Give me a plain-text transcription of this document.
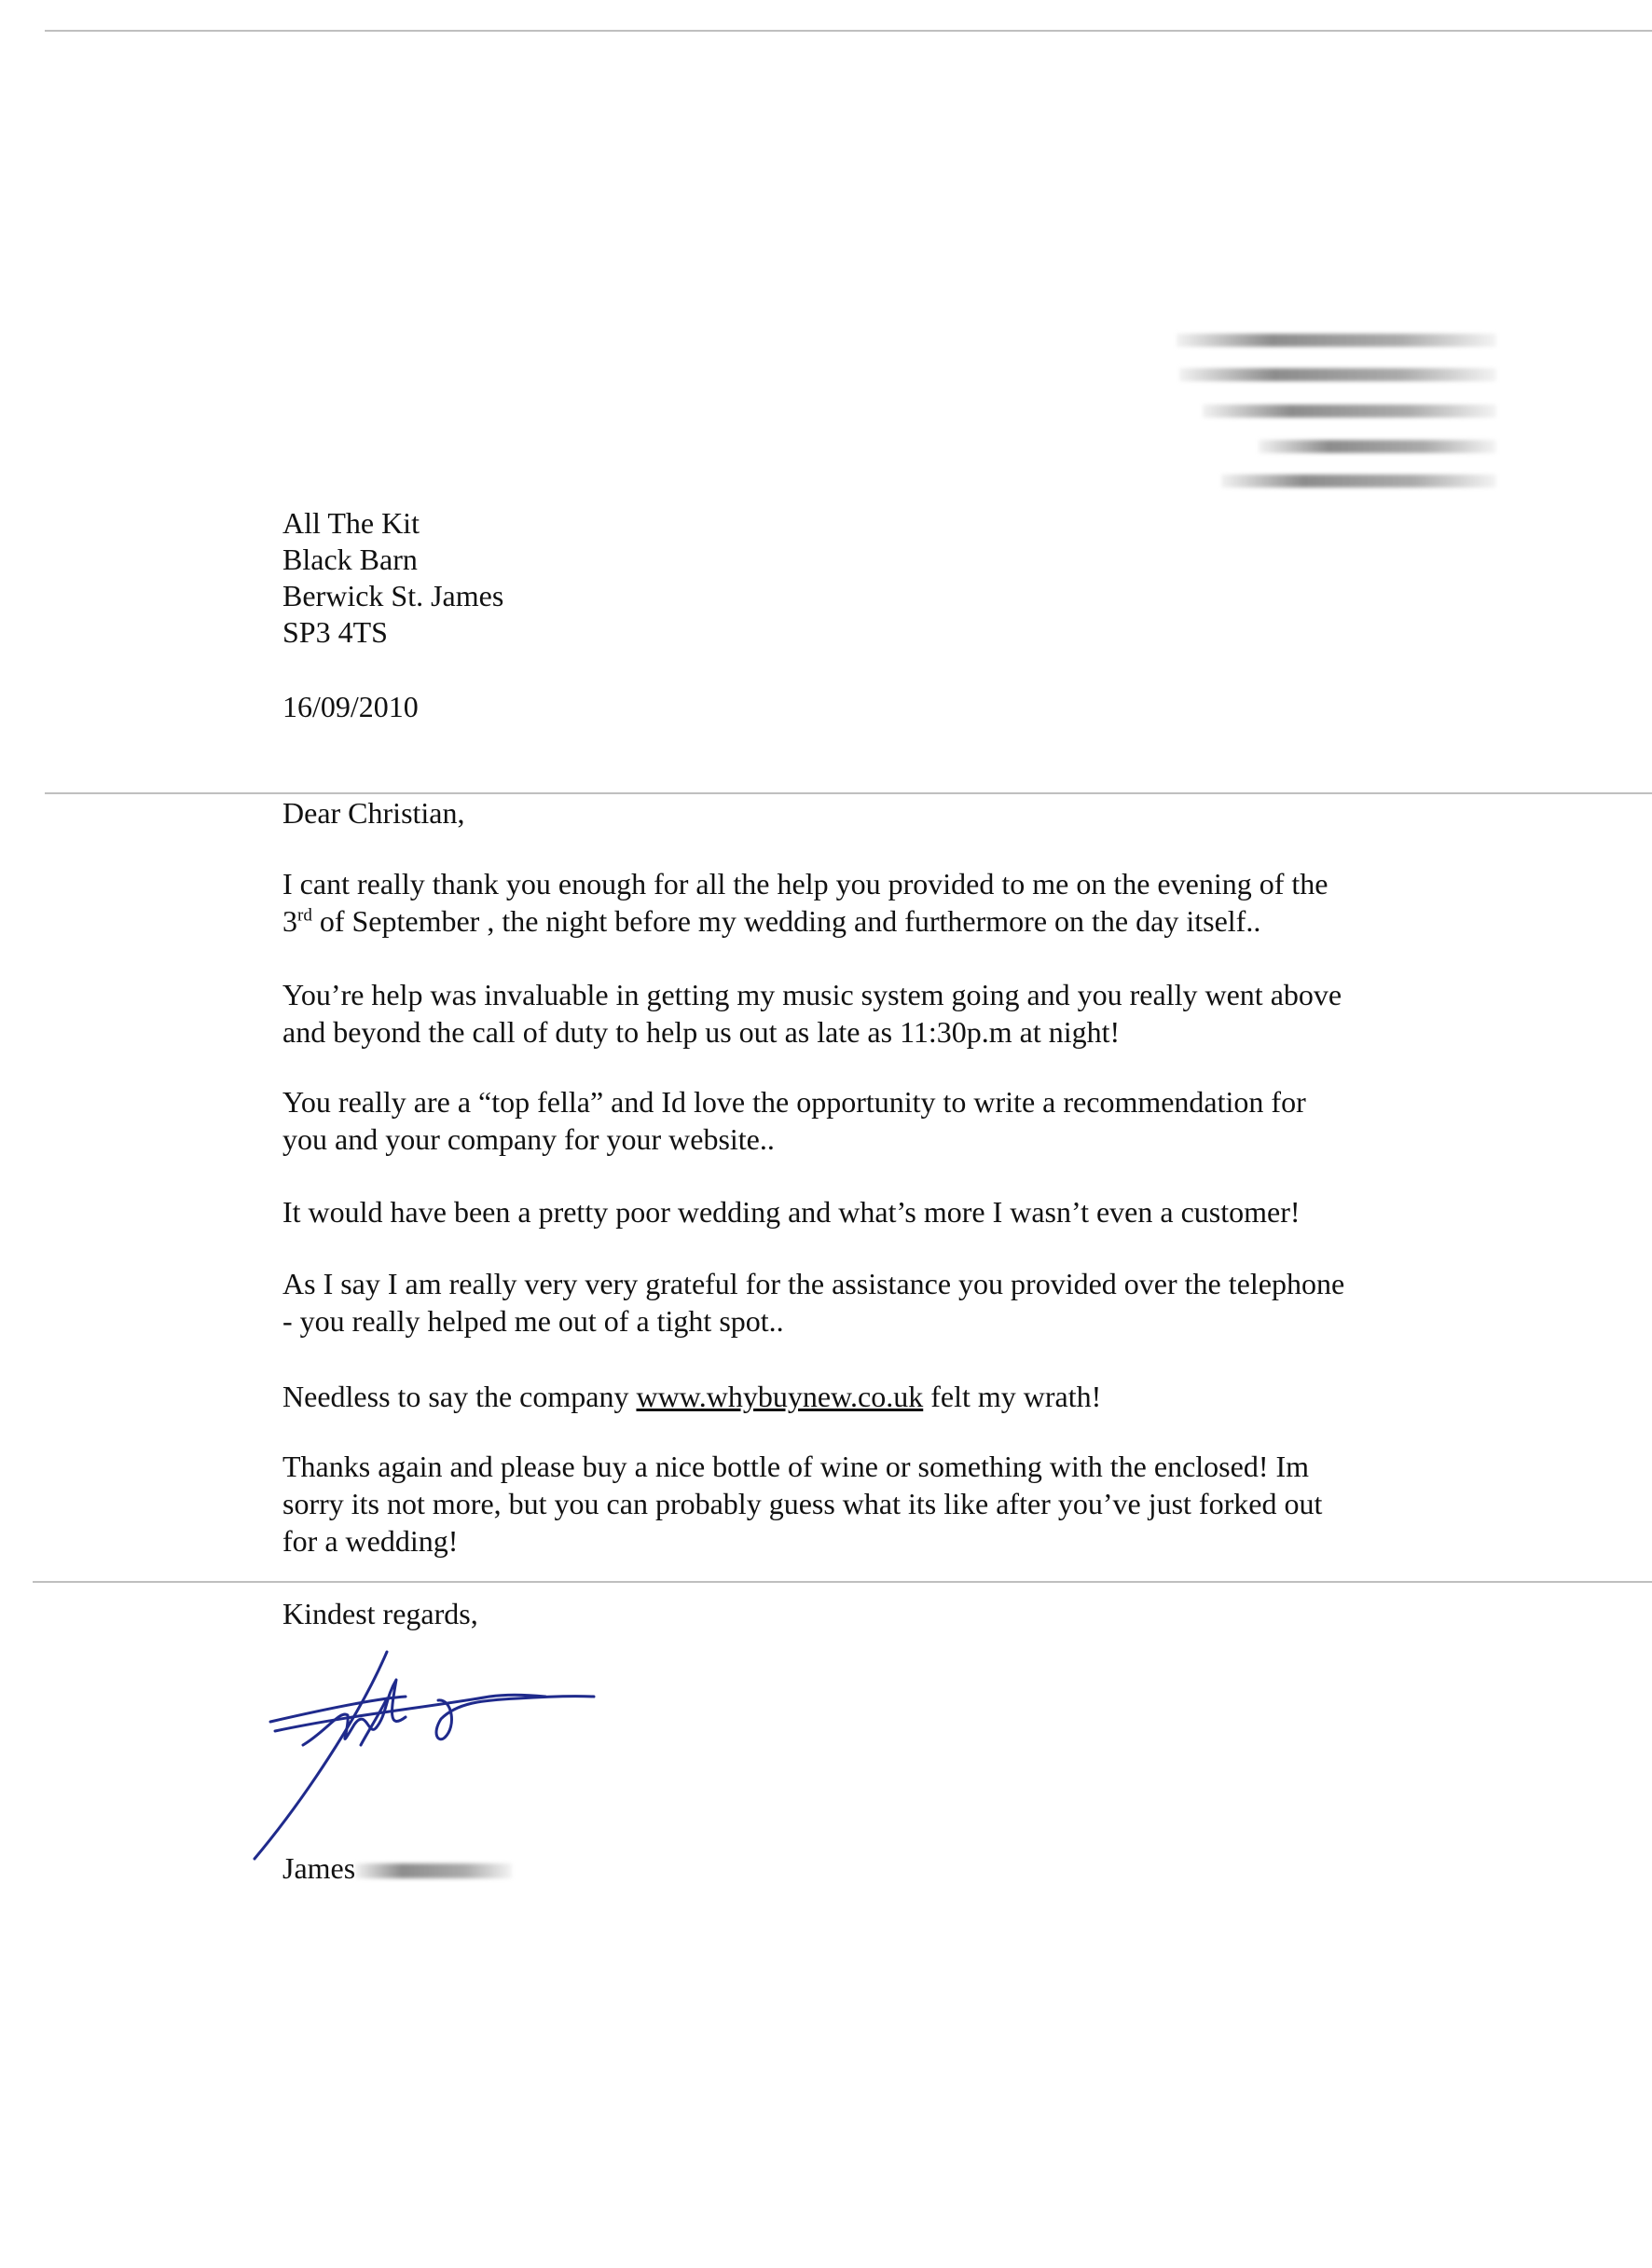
All The Kit
Black Barn
Berwick St. James
SP3 4TS
16/09/2010
Dear Christian,

I cant really thank you enough for all the help you provided to me on the evening of the

3rd of September , the night before my wedding and furthermore on the day itself..

You’re help was invaluable in getting my music system going and you really went above

and beyond the call of duty to help us out as late as 11:30p.m at night!

You really are a “top fella” and Id love the opportunity to write a recommendation for

you and your company for your website..

It would have been a pretty poor wedding and what’s more I wasn’t even a customer!

As I say I am really very very grateful for the assistance you provided over the telephone

- you really helped me out of a tight spot..

Needless to say the company www.whybuynew.co.uk felt my wrath!

Thanks again and please buy a nice bottle of wine or something with the enclosed! Im

sorry its not more, but you can probably guess what its like after you’ve just forked out

for a wedding!

Kindest regards,
James
